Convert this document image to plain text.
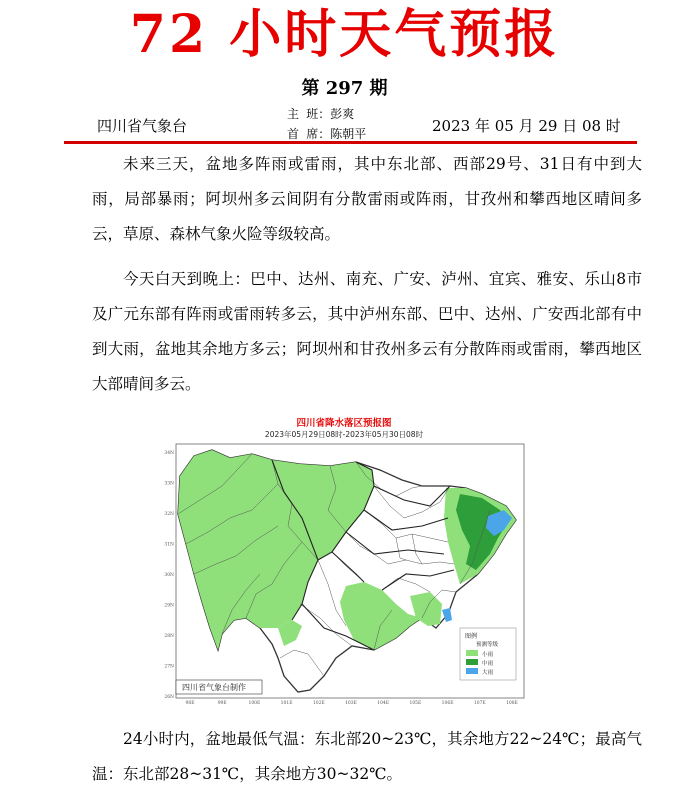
72 小时天气预报
第 297 期
四川省气象台
主 班：彭爽
首 席：陈朝平	2023 年 05 月 29 日 08 时
未来三天，盆地多阵雨或雷雨，其中东北部、西部29号、31日有中到大雨，局部暴雨；阿坝州多云间阴有分散雷雨或阵雨，甘孜州和攀西地区晴间多云，草原、森林气象火险等级较高。
今天白天到晚上：巴中、达州、南充、广安、泸州、宜宾、雅安、乐山8市及广元东部有阵雨或雷雨转多云，其中泸州东部、巴中、达州、广安西北部有中到大雨，盆地其余地方多云；阿坝州和甘孜州多云有分散阵雨或雷雨，攀西地区大部晴间多云。
四川省降水落区预报图
2023年05月29日08时-2023年05月30日08时
34N
33N
32N
31N
30N
29N
28N
27N
26N
98E	99E	100E	101E	102E	103E	104E	105E	106E	107E	108E
图例
预测等级
小雨
中雨
大雨
四川省气象台制作
24小时内，盆地最低气温：东北部20~23℃，其余地方22~24℃；最高气温：东北部28~31℃，其余地方30~32℃。
